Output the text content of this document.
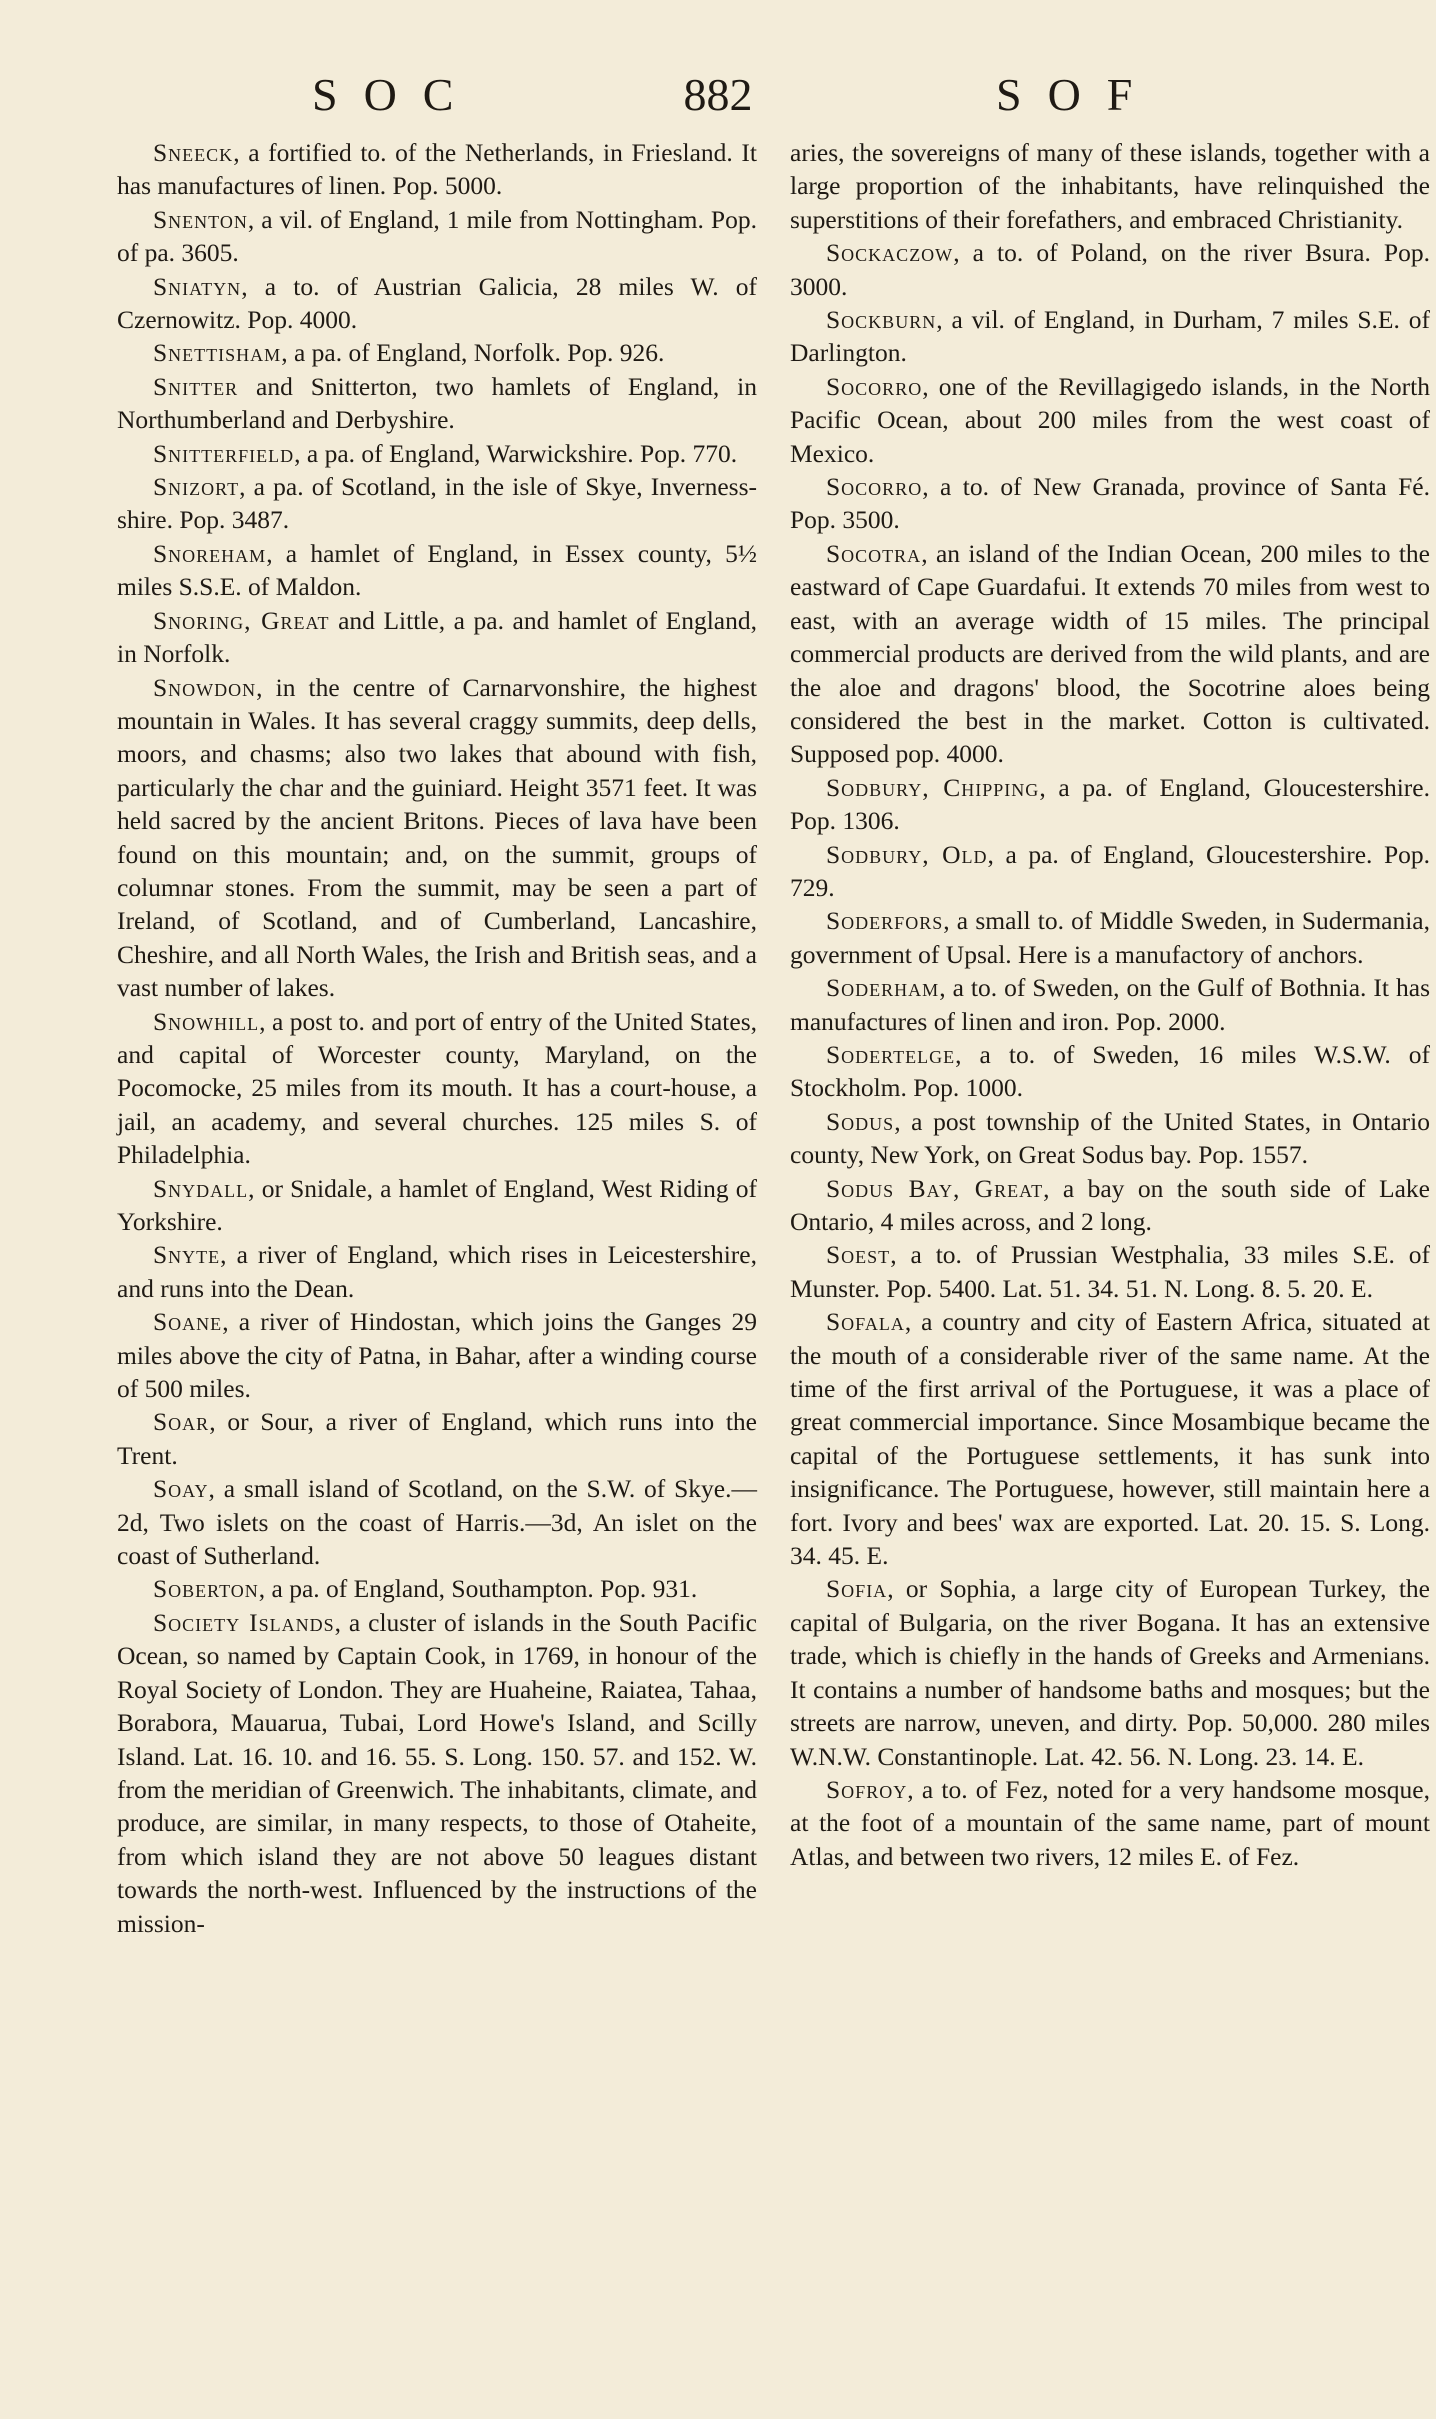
SOC	882	SOF

Sneeck, a fortified to. of the Netherlands, in Friesland. It has manufactures of linen. Pop. 5000.

Snenton, a vil. of England, 1 mile from Nottingham. Pop. of pa. 3605.

Sniatyn, a to. of Austrian Galicia, 28 miles W. of Czernowitz. Pop. 4000.

Snettisham, a pa. of England, Norfolk. Pop. 926.

Snitter and Snitterton, two hamlets of England, in Northumberland and Derbyshire.

Snitterfield, a pa. of England, Warwickshire. Pop. 770.

Snizort, a pa. of Scotland, in the isle of Skye, Inverness-shire. Pop. 3487.

Snoreham, a hamlet of England, in Essex county, 5½ miles S.S.E. of Maldon.

Snoring, Great and Little, a pa. and hamlet of England, in Norfolk.

Snowdon, in the centre of Carnarvonshire, the highest mountain in Wales. It has several craggy summits, deep dells, moors, and chasms; also two lakes that abound with fish, particularly the char and the guiniard. Height 3571 feet. It was held sacred by the ancient Britons. Pieces of lava have been found on this mountain; and, on the summit, groups of columnar stones. From the summit, may be seen a part of Ireland, of Scotland, and of Cumberland, Lancashire, Cheshire, and all North Wales, the Irish and British seas, and a vast number of lakes.

Snowhill, a post to. and port of entry of the United States, and capital of Worcester county, Maryland, on the Pocomocke, 25 miles from its mouth. It has a court-house, a jail, an academy, and several churches. 125 miles S. of Philadelphia.

Snydall, or Snidale, a hamlet of England, West Riding of Yorkshire.

Snyte, a river of England, which rises in Leicestershire, and runs into the Dean.

Soane, a river of Hindostan, which joins the Ganges 29 miles above the city of Patna, in Bahar, after a winding course of 500 miles.

Soar, or Sour, a river of England, which runs into the Trent.

Soay, a small island of Scotland, on the S.W. of Skye.—2d, Two islets on the coast of Harris.—3d, An islet on the coast of Sutherland.

Soberton, a pa. of England, Southampton. Pop. 931.

Society Islands, a cluster of islands in the South Pacific Ocean, so named by Captain Cook, in 1769, in honour of the Royal Society of London. They are Huaheine, Raiatea, Tahaa, Borabora, Mauarua, Tubai, Lord Howe's Island, and Scilly Island. Lat. 16. 10. and 16. 55. S. Long. 150. 57. and 152. W. from the meridian of Greenwich. The inhabitants, climate, and produce, are similar, in many respects, to those of Otaheite, from which island they are not above 50 leagues distant towards the north-west. Influenced by the instructions of the mission-

aries, the sovereigns of many of these islands, together with a large proportion of the inhabitants, have relinquished the superstitions of their forefathers, and embraced Christianity.

Sockaczow, a to. of Poland, on the river Bsura. Pop. 3000.

Sockburn, a vil. of England, in Durham, 7 miles S.E. of Darlington.

Socorro, one of the Revillagigedo islands, in the North Pacific Ocean, about 200 miles from the west coast of Mexico.

Socorro, a to. of New Granada, province of Santa Fé. Pop. 3500.

Socotra, an island of the Indian Ocean, 200 miles to the eastward of Cape Guardafui. It extends 70 miles from west to east, with an average width of 15 miles. The principal commercial products are derived from the wild plants, and are the aloe and dragons' blood, the Socotrine aloes being considered the best in the market. Cotton is cultivated. Supposed pop. 4000.

Sodbury, Chipping, a pa. of England, Gloucestershire. Pop. 1306.

Sodbury, Old, a pa. of England, Gloucestershire. Pop. 729.

Soderfors, a small to. of Middle Sweden, in Sudermania, government of Upsal. Here is a manufactory of anchors.

Soderham, a to. of Sweden, on the Gulf of Bothnia. It has manufactures of linen and iron. Pop. 2000.

Sodertelge, a to. of Sweden, 16 miles W.S.W. of Stockholm. Pop. 1000.

Sodus, a post township of the United States, in Ontario county, New York, on Great Sodus bay. Pop. 1557.

Sodus Bay, Great, a bay on the south side of Lake Ontario, 4 miles across, and 2 long.

Soest, a to. of Prussian Westphalia, 33 miles S.E. of Munster. Pop. 5400. Lat. 51. 34. 51. N. Long. 8. 5. 20. E.

Sofala, a country and city of Eastern Africa, situated at the mouth of a considerable river of the same name. At the time of the first arrival of the Portuguese, it was a place of great commercial importance. Since Mosambique became the capital of the Portuguese settlements, it has sunk into insignificance. The Portuguese, however, still maintain here a fort. Ivory and bees' wax are exported. Lat. 20. 15. S. Long. 34. 45. E.

Sofia, or Sophia, a large city of European Turkey, the capital of Bulgaria, on the river Bogana. It has an extensive trade, which is chiefly in the hands of Greeks and Armenians. It contains a number of handsome baths and mosques; but the streets are narrow, uneven, and dirty. Pop. 50,000. 280 miles W.N.W. Constantinople. Lat. 42. 56. N. Long. 23. 14. E.

Sofroy, a to. of Fez, noted for a very handsome mosque, at the foot of a mountain of the same name, part of mount Atlas, and between two rivers, 12 miles E. of Fez.
